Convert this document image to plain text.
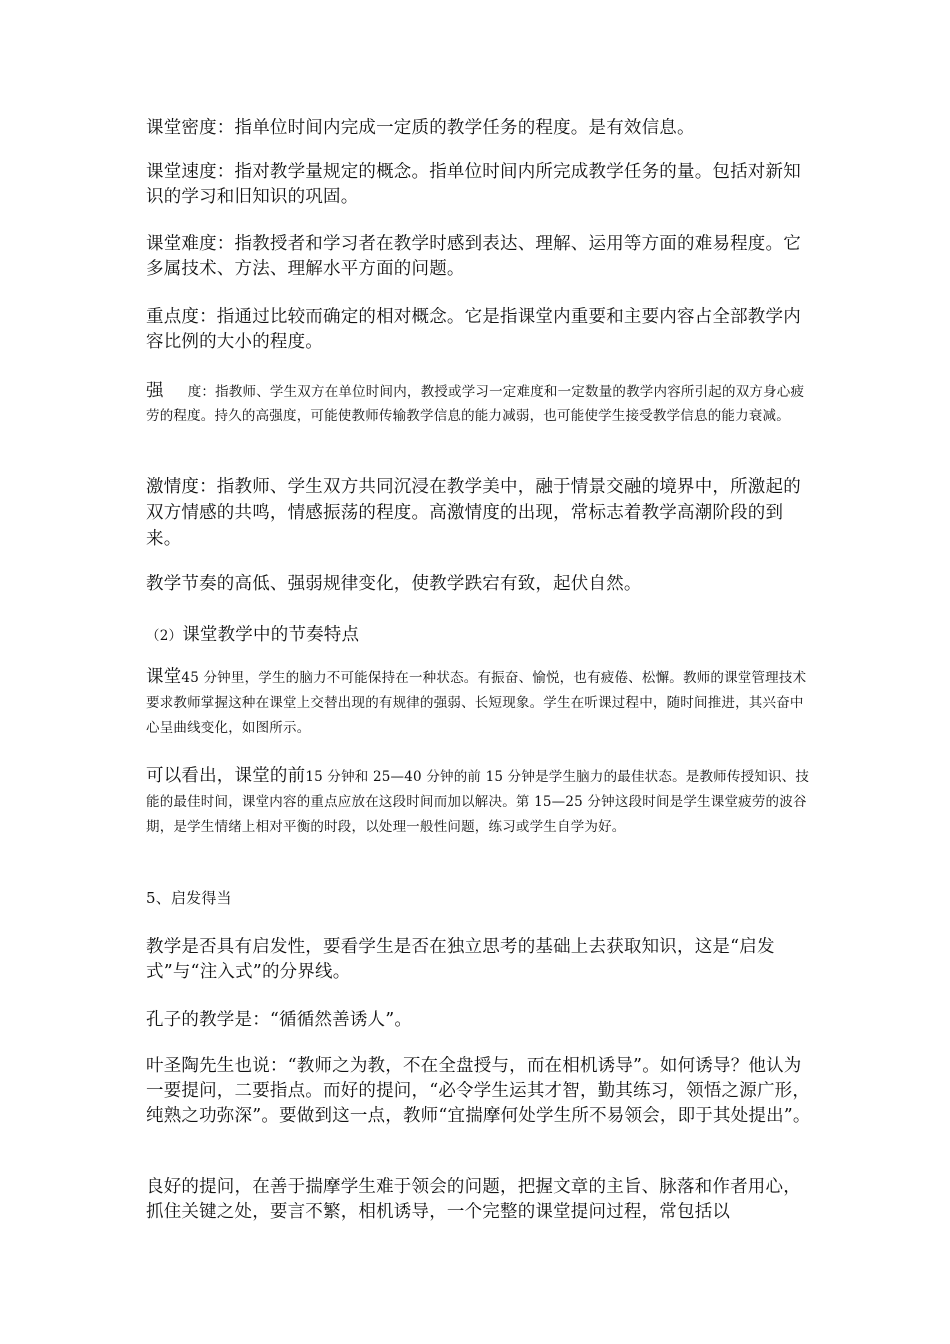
课堂密度：指单位时间内完成一定质的教学任务的程度。是有效信息。

课堂速度：指对教学量规定的概念。指单位时间内所完成教学任务的量。包括对新知识的学习和旧知识的巩固。

课堂难度：指教授者和学习者在教学时感到表达、理解、运用等方面的难易程度。它多属技术、方法、理解水平方面的问题。

重点度：指通过比较而确定的相对概念。它是指课堂内重要和主要内容占全部教学内容比例的大小的程度。

强 度：指教师、学生双方在单位时间内，教授或学习一定难度和一定数量的教学内容所引起的双方身心疲劳的程度。持久的高强度，可能使教师传输教学信息的能力减弱，也可能使学生接受教学信息的能力衰减。

激情度：指教师、学生双方共同沉浸在教学美中，融于情景交融的境界中，所激起的双方情感的共鸣，情感振荡的程度。高激情度的出现，常标志着教学高潮阶段的到来。

教学节奏的高低、强弱规律变化，使教学跌宕有致，起伏自然。

（2）课堂教学中的节奏特点

课堂45 分钟里，学生的脑力不可能保持在一种状态。有振奋、愉悦，也有疲倦、松懈。教师的课堂管理技术要求教师掌握这种在课堂上交替出现的有规律的强弱、长短现象。学生在听课过程中，随时间推进，其兴奋中心呈曲线变化，如图所示。

可以看出，课堂的前15 分钟和 25—40 分钟的前 15 分钟是学生脑力的最佳状态。是教师传授知识、技能的最佳时间，课堂内容的重点应放在这段时间而加以解决。第 15—25 分钟这段时间是学生课堂疲劳的波谷期，是学生情绪上相对平衡的时段，以处理一般性问题，练习或学生自学为好。

5、启发得当

教学是否具有启发性，要看学生是否在独立思考的基础上去获取知识，这是“启发式”与“注入式”的分界线。

孔子的教学是：“循循然善诱人”。

叶圣陶先生也说：“教师之为教，不在全盘授与，而在相机诱导”。如何诱导？他认为一要提问，二要指点。而好的提问，“必令学生运其才智，勤其练习，领悟之源广形，纯熟之功弥深”。要做到这一点，教师“宜揣摩何处学生所不易领会，即于其处提出”。

良好的提问，在善于揣摩学生难于领会的问题，把握文章的主旨、脉落和作者用心，抓住关键之处，要言不繁，相机诱导，一个完整的课堂提问过程，常包括以
